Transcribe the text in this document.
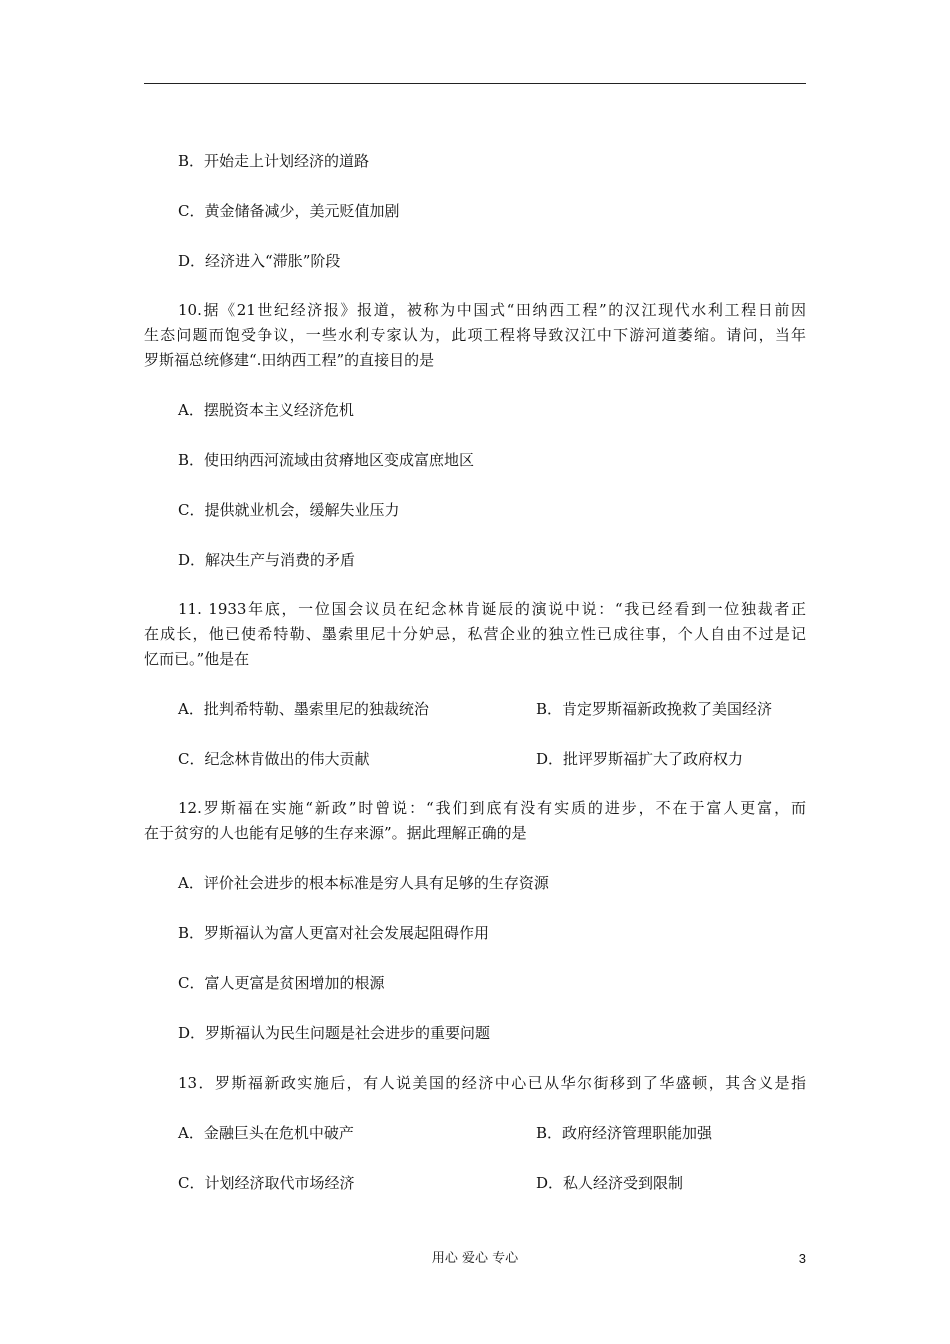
B．开始走上计划经济的道路
C．黄金储备减少，美元贬值加剧
D．经济进入“滞胀”阶段
10.据《21世纪经济报》报道，被称为中国式“田纳西工程”的汉江现代水利工程日前因
生态问题而饱受争议，一些水利专家认为，此项工程将导致汉江中下游河道萎缩。请问，当年
罗斯福总统修建“.田纳西工程”的直接目的是
A．摆脱资本主义经济危机
B．使田纳西河流域由贫瘠地区变成富庶地区
C．提供就业机会，缓解失业压力
D．解决生产与消费的矛盾
11. 1933年底，一位国会议员在纪念林肯诞辰的演说中说：“我已经看到一位独裁者正
在成长，他已使希特勒、墨索里尼十分妒忌，私营企业的独立性已成往事，个人自由不过是记
忆而已。”他是在
A．批判希特勒、墨索里尼的独裁统治	B．肯定罗斯福新政挽救了美国经济
C．纪念林肯做出的伟大贡献	D．批评罗斯福扩大了政府权力
12.罗斯福在实施“新政”时曾说：“我们到底有没有实质的进步，不在于富人更富，而
在于贫穷的人也能有足够的生存来源”。据此理解正确的是
A．评价社会进步的根本标准是穷人具有足够的生存资源
B．罗斯福认为富人更富对社会发展起阻碍作用
C．富人更富是贫困增加的根源
D．罗斯福认为民生问题是社会进步的重要问题
13．罗斯福新政实施后，有人说美国的经济中心已从华尔街移到了华盛顿，其含义是指
A．金融巨头在危机中破产	B．政府经济管理职能加强
C．计划经济取代市场经济	D．私人经济受到限制
用心 爱心 专心	3
